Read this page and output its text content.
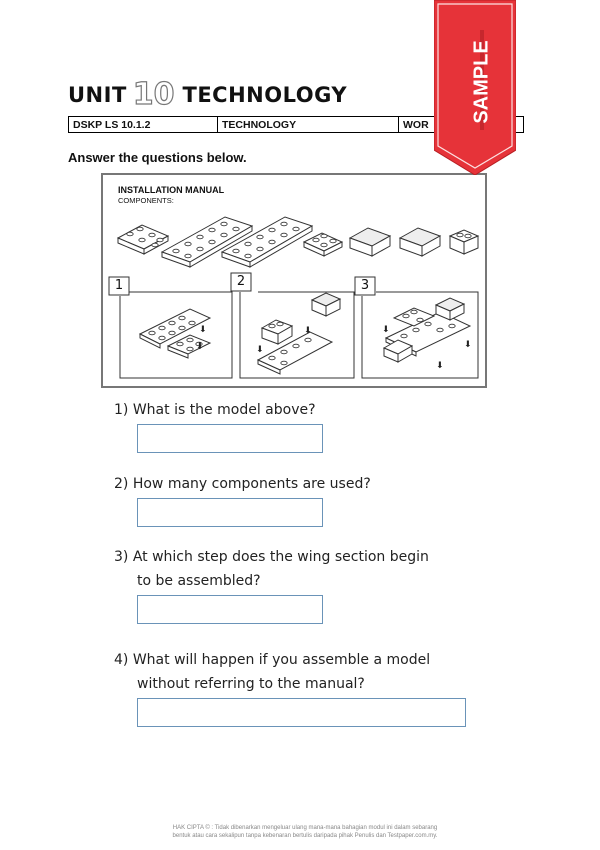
UNIT 10 TECHNOLOGY
DSKP LS 10.1.2	TECHNOLOGY	WOR
Answer the questions below.
INSTALLATION MANUAL
COMPONENTS:
⬇
⬇	⬇
⬇	⬇
⬇
⬇
1	2	3
1) What is the model above?
2) How many components are used?
3) At which step does the wing section begin
to be assembled?
4) What will happen if you assemble a model
without referring to the manual?
SAMPLE
HAK CIPTA © : Tidak dibenarkan mengeluar ulang mana-mana bahagian modul ini dalam sebarang
bentuk atau cara sekalipun tanpa kebenaran bertulis daripada pihak Penulis dan Testpaper.com.my.
